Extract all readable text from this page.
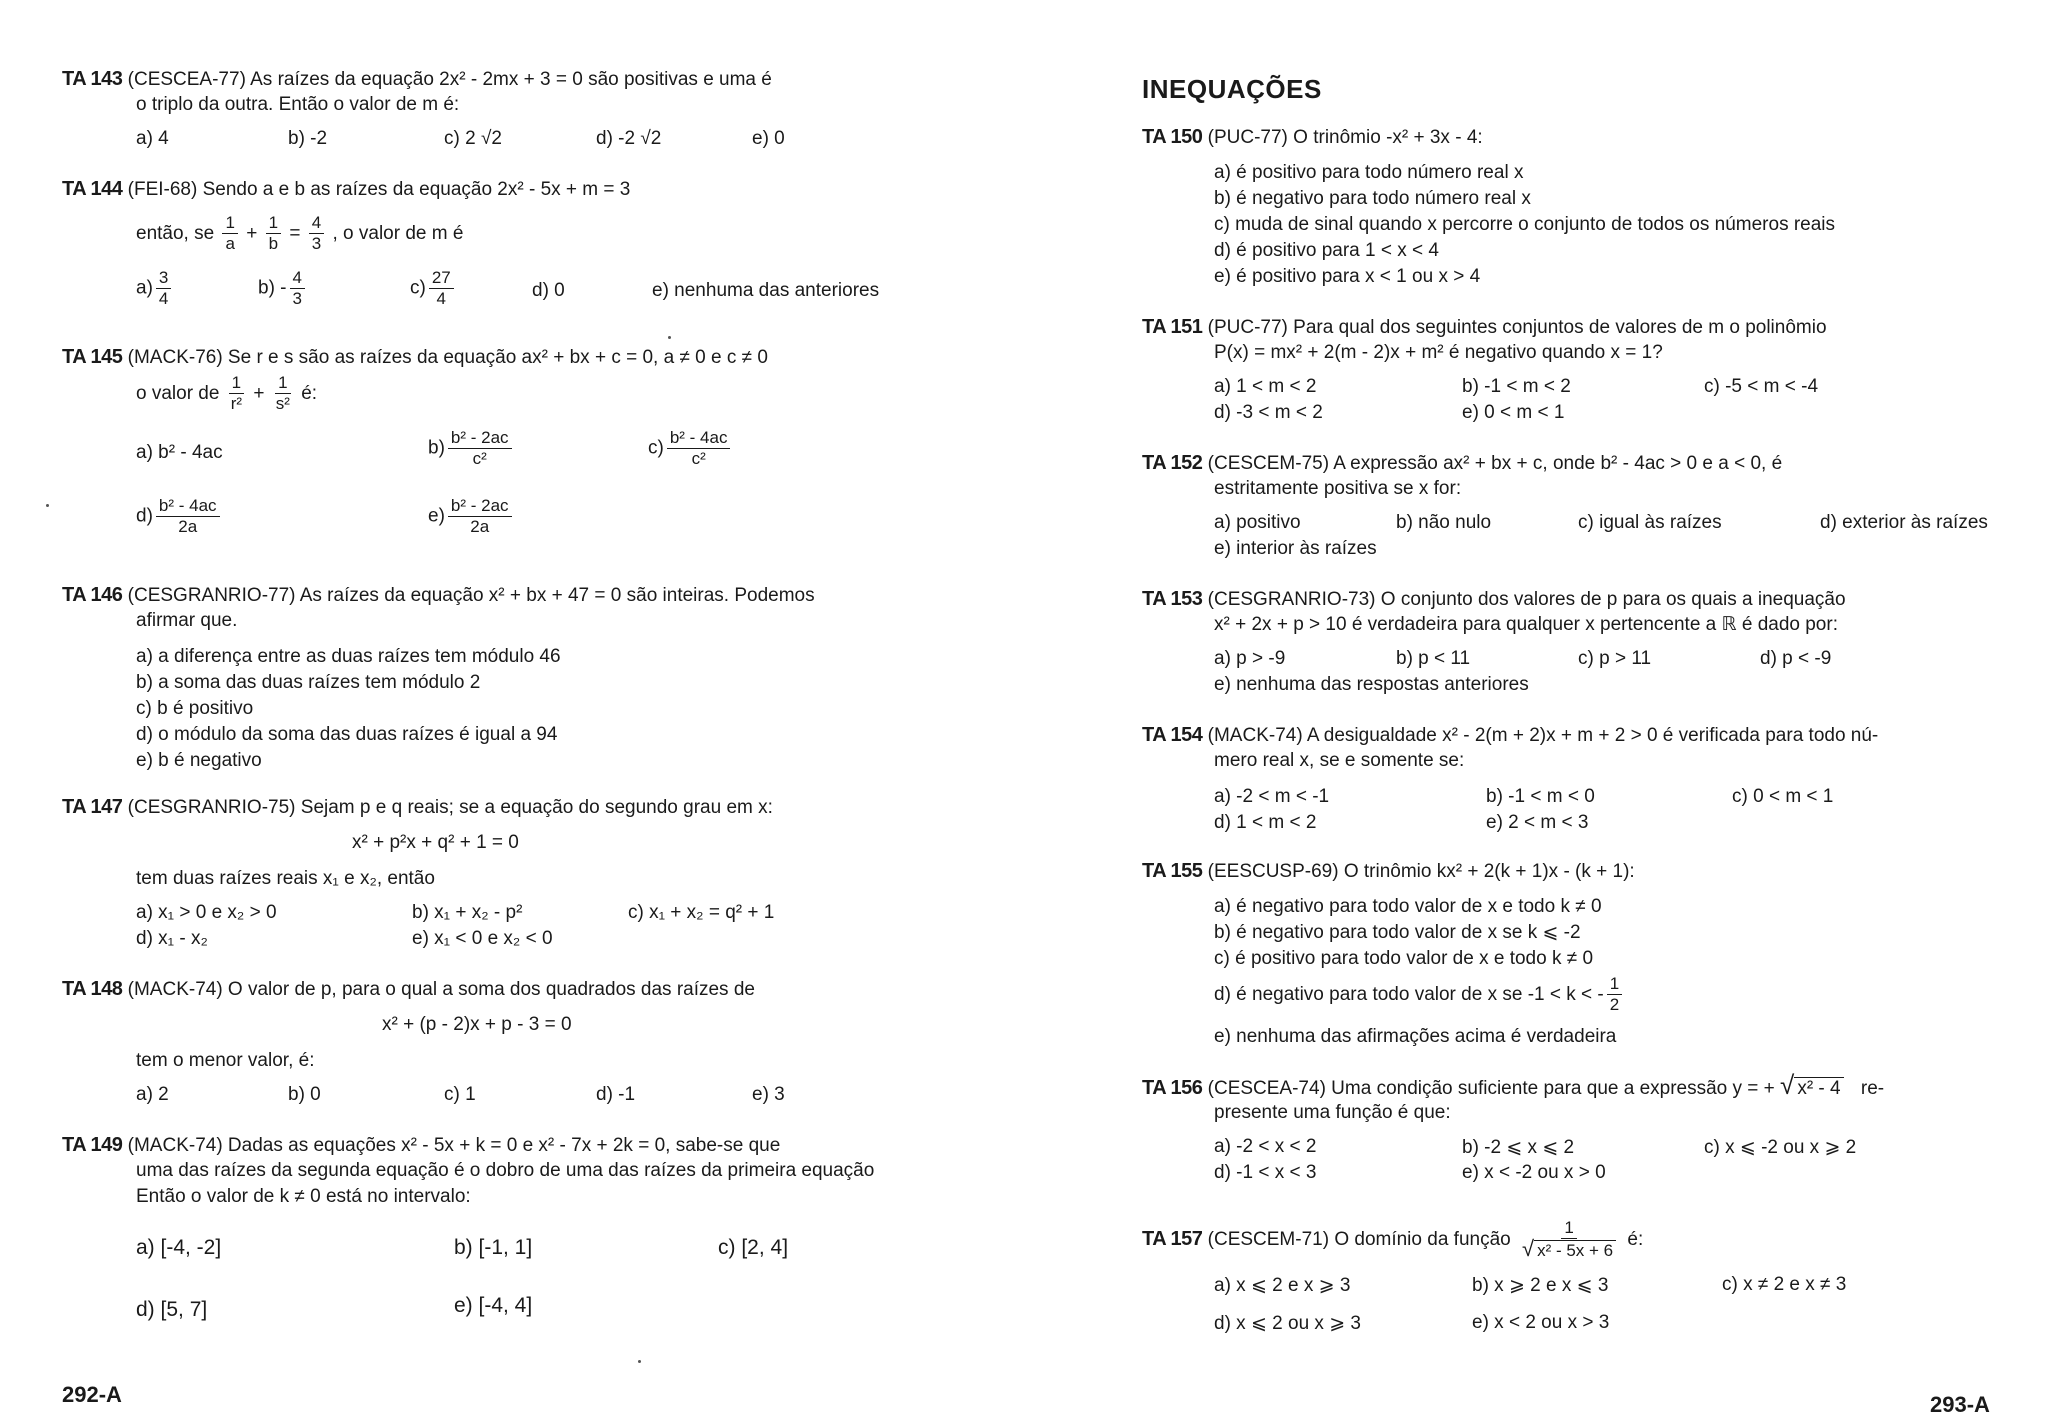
TA 143 (CESCEA-77) As raízes da equação 2x² - 2mx + 3 = 0 são positivas e uma é
o triplo da outra. Então o valor de m é:
a) 4	b) -2	c) 2 √2	d) -2 √2	e) 0
TA 144 (FEI-68) Sendo a e b as raízes da equação 2x² - 5x + m = 3
então, se $\frac{1}{a} + \frac{1}{b} = \frac{4}{3}$ , o valor de m é
$a) \frac{3}{4}$	$b) - \frac{4}{3}$	$c) \frac{27}{4}$	d) 0	e) nenhuma das anteriores
TA 145 (MACK-76) Se r e s são as raízes da equação ax² + bx + c = 0, a ≠ 0 e c ≠ 0
o valor de $\frac{1}{\text{r²}} + \frac{1}{\text{s²}}$ é:
a) b² - 4ac	$b) \frac{\text{b² - 2ac}}{\text{c²}}$	$c) \frac{\text{b² - 4ac}}{\text{c²}}$
$d) \frac{\text{b² - 4ac}}{2a}$	$e) \frac{\text{b² - 2ac}}{2a}$
TA 146 (CESGRANRIO-77) As raízes da equação x² + bx + 47 = 0 são inteiras. Podemos
afirmar que.
a) a diferença entre as duas raízes tem módulo 46
b) a soma das duas raízes tem módulo 2
c) b é positivo
d) o módulo da soma das duas raízes é igual a 94
e) b é negativo
TA 147 (CESGRANRIO-75) Sejam p e q reais; se a equação do segundo grau em x:
x² + p²x + q² + 1 = 0
tem duas raízes reais x₁ e x₂, então
a) x₁ > 0 e x₂ > 0	b) x₁ + x₂ - p²	c) x₁ + x₂ = q² + 1
d) x₁ - x₂	e) x₁ < 0 e x₂ < 0
TA 148 (MACK-74) O valor de p, para o qual a soma dos quadrados das raízes de
x² + (p - 2)x + p - 3 = 0
tem o menor valor, é:
a) 2	b) 0	c) 1	d) -1	e) 3
TA 149 (MACK-74) Dadas as equações x² - 5x + k = 0 e x² - 7x + 2k = 0, sabe-se que
uma das raízes da segunda equação é o dobro de uma das raízes da primeira equação
Então o valor de k ≠ 0 está no intervalo:
a) [-4, -2]	b) [-1, 1]	c) [2, 4]
d) [5, 7]	e) [-4, 4]
292-A
INEQUAÇÕES
TA 150 (PUC-77) O trinômio -x² + 3x - 4:
a) é positivo para todo número real x
b) é negativo para todo número real x
c) muda de sinal quando x percorre o conjunto de todos os números reais
d) é positivo para 1 < x < 4
e) é positivo para x < 1 ou x > 4
TA 151 (PUC-77) Para qual dos seguintes conjuntos de valores de m o polinômio
P(x) = mx² + 2(m - 2)x + m² é negativo quando x = 1?
a) 1 < m < 2	b) -1 < m < 2	c) -5 < m < -4
d) -3 < m < 2	e) 0 < m < 1
TA 152 (CESCEM-75) A expressão ax² + bx + c, onde b² - 4ac > 0 e a < 0, é
estritamente positiva se x for:
a) positivo	b) não nulo	c) igual às raízes	d) exterior às raízes
e) interior às raízes
TA 153 (CESGRANRIO-73) O conjunto dos valores de p para os quais a inequação
x² + 2x + p > 10 é verdadeira para qualquer x pertencente a ℝ é dado por:
a) p > -9	b) p < 11	c) p > 11	d) p < -9
e) nenhuma das respostas anteriores
TA 154 (MACK-74) A desigualdade x² - 2(m + 2)x + m + 2 > 0 é verificada para todo nú-
mero real x, se e somente se:
a) -2 < m < -1	b) -1 < m < 0	c) 0 < m < 1
d) 1 < m < 2	e) 2 < m < 3
TA 155 (EESCUSP-69) O trinômio kx² + 2(k + 1)x - (k + 1):
a) é negativo para todo valor de x e todo k ≠ 0
b) é negativo para todo valor de x se k ⩽ -2
c) é positivo para todo valor de x e todo k ≠ 0
d) é negativo para todo valor de x se -1 < k < - $\frac{1}{2}$
e) nenhuma das afirmações acima é verdadeira
TA 156 (CESCEA-74) Uma condição suficiente para que a expressão y = + √ x² - 4 re-
presente uma função é que:
a) -2 < x < 2	b) -2 ⩽ x ⩽ 2	c) x ⩽ -2 ou x ⩾ 2
d) -1 < x < 3	e) x < -2 ou x > 0
TA 157 (CESCEM-71) O domínio da função $\frac{1}{\text{√ x² - 5x + 6}}$ é:
a) x ⩽ 2 e x ⩾ 3	b) x ⩾ 2 e x ⩽ 3	c) x ≠ 2 e x ≠ 3
d) x ⩽ 2 ou x ⩾ 3	e) x < 2 ou x > 3
293-A
